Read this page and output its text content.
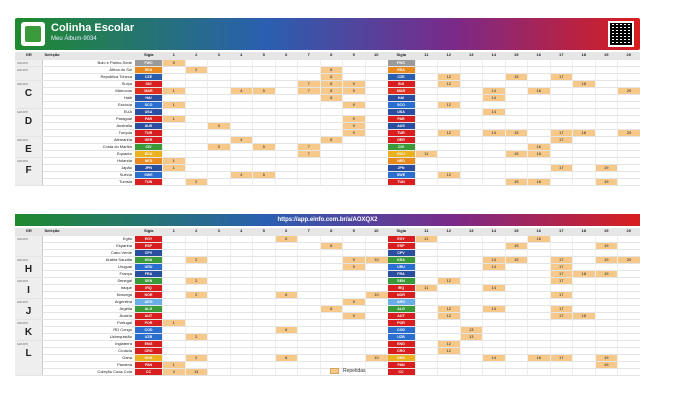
Colinha Escolar
Meu Álbum-9034
GR	Seleção	Sigla	1	2	3	4	5	6	7	8	9	10	Sigla	11	12	13	14	15	16	17	18	19	20

GRUPO	Bolo e Palmo-Sede	FWC	5										FWC										

GRUPO	África do Sul	RSA		2						8			RSA										
	República Tcheca	CZE								8			CZE		12			15		17			

GRUPO
C	Suíça	SUI							7	8	9		SUI		12						18		
	Marrocos	MAR	1			4	5		7	8	9		MAR				14		16				20
	Haiti	HAI								8			HAI				14						
	Escócia	SCO	1								9		SCO		12								

GRUPO
D	EUA	USA											USA				14						
	Paraguai	PAR	1								9		PAR										
	Austrália	AUS			3						9		AUS										
	Turquia	TUR									9		TUR		12		14	15		17	18		20

GRUPO
E	Alemanha	GER				4				8			GER							17			
	Costa do Marfim	CIV			3		5		7				CIV						16				
	Equador	ECU							7				ECU	11				15	16				

GRUPO
F	Holanda	NED	1										NED										
	Japão	JPN	1										JPN							17		19	
	Suécia	SWE				4	5						SWE		12								
	Tunísia	TUN		2									TUN					15	16			19	
https://app.einfo.com.br/a/AOXQX2
GR	Seleção	Sigla	1	2	3	4	5	6	7	8	9	10	Sigla	11	12	13	14	15	16	17	18	19	20

GRUPO	Egito	EGY						6					EGY	11					16				
	Espanha	ESP								8			ESP					15				19	
	Cabo Verde	CPV											CPV										

GRUPO
H	Arábia Saudita	KSA		2							9	10	KSA				14	15		17		19	20
	Uruguai	URU									9		URU				14			17			
	França	FRA											FRA							17	18	19	

GRUPO
I	Senegal	SEN		2									SEN		12					17			
	Iraque	IRQ											IRQ	11			14						
	Noruega	NOR		2				6				10	NOR							17			

GRUPO
J	Argentina	ARG									9		ARG										
	Argélia	ALG								8			ALG		12		14			17			
	Áustria	AUT									9		AUT		12					17	18		

GRUPO
K	Portugal	POR	1										POR										
	RD Congo	COD						6					COD			13							
	Uzbequistão	UZB		2									UZB			13							

GRUPO
L	Inglaterra	ENG											ENG		12								
	Croácia	CRO											CRO		12								
	Gana	GHA		2				6				10	GHA				14		16	17		19	
	Panamá	PAN	1										PAN									19	
	Coleção Coca-Cola	CC	4	14									CC										
Repetidas
